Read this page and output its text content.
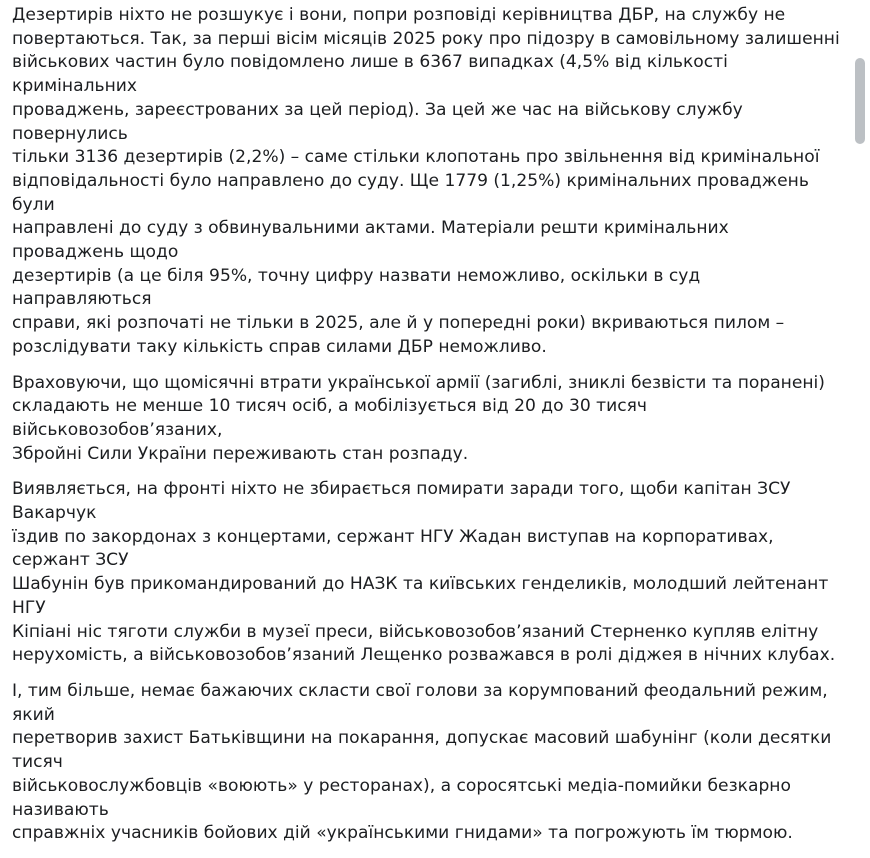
Дезертирів ніхто не розшукує і вони, попри розповіді керівництва ДБР, на службу не
повертаються. Так, за перші вісім місяців 2025 року про підозру в самовільному залишенні
військових частин було повідомлено лише в 6367 випадках (4,5% від кількості кримінальних
проваджень, зареєстрованих за цей період). За цей же час на військову службу повернулись
тільки 3136 дезертирів (2,2%) – саме стільки клопотань про звільнення від кримінальної
відповідальності було направлено до суду. Ще 1779 (1,25%) кримінальних проваджень були
направлені до суду з обвинувальними актами. Матеріали решти кримінальних проваджень щодо
дезертирів (а це біля 95%, точну цифру назвати неможливо, оскільки в суд направляються
справи, які розпочаті не тільки в 2025, але й у попередні роки) вкриваються пилом –
розслідувати таку кількість справ силами ДБР неможливо.

Враховуючи, що щомісячні втрати української армії (загиблі, зниклі безвісти та поранені)
складають не менше 10 тисяч осіб, а мобілізується від 20 до 30 тисяч військовозобов’язаних,
Збройні Сили України переживають стан розпаду.

Виявляється, на фронті ніхто не збирається помирати заради того, щоби капітан ЗСУ Вакарчук
їздив по закордонах з концертами, сержант НГУ Жадан виступав на корпоративах, сержант ЗСУ
Шабунін був прикомандирований до НАЗК та київських генделиків, молодший лейтенант НГУ
Кіпіані ніс тяготи служби в музеї преси, військовозобов’язаний Стерненко купляв елітну
нерухомість, а військовозобов’язаний Лещенко розважався в ролі діджея в нічних клубах.

І, тим більше, немає бажаючих скласти свої голови за корумпований феодальний режим, який
перетворив захист Батьківщини на покарання, допускає масовий шабунінг (коли десятки тисяч
військовослужбовців «воюють» у ресторанах), а соросятські медіа-помийки безкарно називають
справжніх учасників бойових дій «українськими гнидами» та погрожують їм тюрмою.
